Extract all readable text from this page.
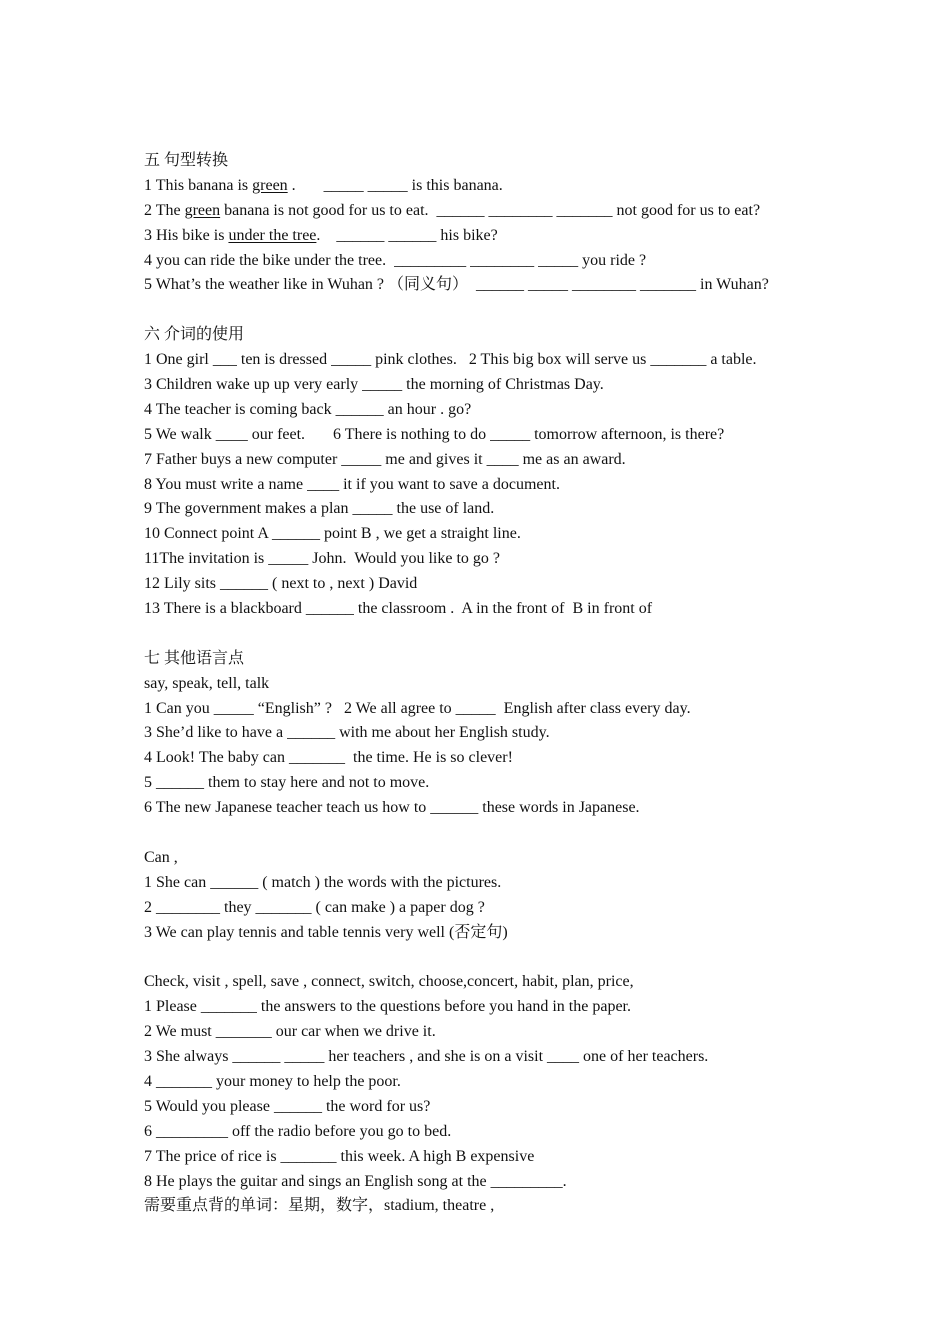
五 句型转换
1 This banana is green .       _____ _____ is this banana.
2 The green banana is not good for us to eat.  ______ ________ _______ not good for us to eat?
3 His bike is under the tree.    ______ ______ his bike?
4 you can ride the bike under the tree.  _________ ________ _____ you ride ?
5 What’s the weather like in Wuhan ? （同义句）  ______ _____ ________ _______ in Wuhan?
六 介词的使用
1 One girl ___ ten is dressed _____ pink clothes.   2 This big box will serve us _______ a table.
3 Children wake up up very early _____ the morning of Christmas Day.
4 The teacher is coming back ______ an hour . go?
5 We walk ____ our feet.       6 There is nothing to do _____ tomorrow afternoon, is there?
7 Father buys a new computer _____ me and gives it ____ me as an award.
8 You must write a name ____ it if you want to save a document.
9 The government makes a plan _____ the use of land.
10 Connect point A ______ point B , we get a straight line.
11The invitation is _____ John.  Would you like to go ?
12 Lily sits ______ ( next to , next ) David
13 There is a blackboard ______ the classroom .  A in the front of  B in front of
七 其他语言点
say, speak, tell, talk
1 Can you _____ “English” ?   2 We all agree to _____  English after class every day.
3 She’d like to have a ______ with me about her English study.
4 Look! The baby can _______  the time. He is so clever!
5 ______ them to stay here and not to move.
6 The new Japanese teacher teach us how to ______ these words in Japanese.
Can ,
1 She can ______ ( match ) the words with the pictures.
2 ________ they _______ ( can make ) a paper dog ?
3 We can play tennis and table tennis very well (否定句)
Check, visit , spell, save , connect, switch, choose,concert, habit, plan, price,
1 Please _______ the answers to the questions before you hand in the paper.
2 We must _______ our car when we drive it.
3 She always ______ _____ her teachers , and she is on a visit ____ one of her teachers.
4 _______ your money to help the poor.
5 Would you please ______ the word for us?
6 _________ off the radio before you go to bed.
7 The price of rice is _______ this week. A high B expensive
8 He plays the guitar and sings an English song at the _________.
需要重点背的单词：星期，数字，stadium, theatre ,
